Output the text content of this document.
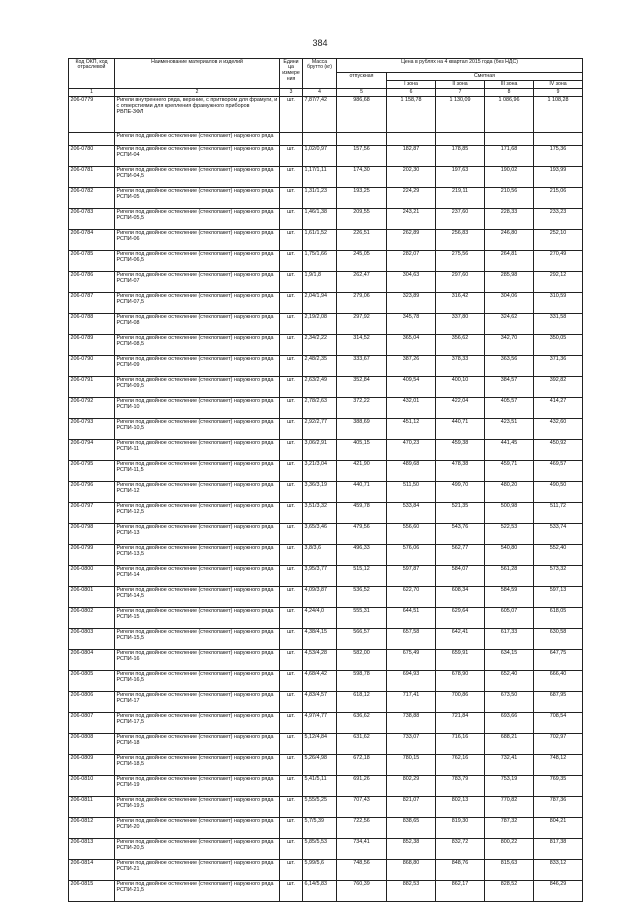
384
Код ОКП, код отраслевой	Наименование материалов и изделий	Едини ца измере ния	Масса брутто (кг)	Цена в рублях на 4 квартал 2015 года (без НДС)				
				отпускная	Сметная			
					I зона	II зона	III зона	IV зона
1	2	3	4	5	6	7	8	9
206-0779	Ригели внутреннего ряда, верхние, с притвором для фрамуги, и с отверстиями для крепления фрамужного приборов РВПЕ-3ФЛ	шт.	7,87/7,42	986,68	1 158,78	1 130,09	1 086,96	1 108,28
	Ригели под двойное остекление (стеклопакет) наружного ряда							
206-0780	Ригели под двойное остекление (стеклопакет) наружного ряда РСПИ-04	шт.	1,02/0,97	157,56	182,87	178,85	171,68	175,36
206-0781	Ригели под двойное остекление (стеклопакет) наружного ряда РСПИ-04,5	шт.	1,17/1,11	174,30	202,30	197,63	190,02	193,99
206-0782	Ригели под двойное остекление (стеклопакет) наружного ряда РСПИ-05	шт.	1,31/1,23	193,25	224,29	219,11	210,56	215,06
206-0783	Ригели под двойное остекление (стеклопакет) наружного ряда РСПИ-05,5	шт.	1,46/1,38	209,55	243,21	237,60	228,33	233,23
206-0784	Ригели под двойное остекление (стеклопакет) наружного ряда РСПИ-06	шт.	1,61/1,52	226,51	262,89	256,83	246,80	252,10
206-0785	Ригели под двойное остекление (стеклопакет) наружного ряда РСПИ-06,5	шт.	1,75/1,66	245,05	282,07	275,56	264,81	270,49
206-0786	Ригели под двойное остекление (стеклопакет) наружного ряда РСПИ-07	шт.	1,9/1,8	262,47	304,63	297,60	285,98	292,12
206-0787	Ригели под двойное остекление (стеклопакет) наружного ряда РСПИ-07,5	шт.	2,04/1,94	279,06	323,89	316,42	304,06	310,59
206-0788	Ригели под двойное остекление (стеклопакет) наружного ряда РСПИ-08	шт.	2,19/2,08	297,92	345,78	337,80	324,62	331,58
206-0789	Ригели под двойное остекление (стеклопакет) наружного ряда РСПИ-08,5	шт.	2,34/2,22	314,52	365,04	356,62	342,70	350,05
206-0790	Ригели под двойное остекление (стеклопакет) наружного ряда РСПИ-09	шт.	2,48/2,35	333,67	387,26	378,33	363,56	371,36
206-0791	Ригели под двойное остекление (стеклопакет) наружного ряда РСПИ-09,5	шт.	2,63/2,49	352,84	409,54	400,10	384,57	392,82
206-0792	Ригели под двойное остекление (стеклопакет) наружного ряда РСПИ-10	шт.	2,78/2,63	372,22	432,01	422,04	405,57	414,27
206-0793	Ригели под двойное остекление (стеклопакет) наружного ряда РСПИ-10,5	шт.	2,92/2,77	388,69	451,12	440,71	423,51	432,60
206-0794	Ригели под двойное остекление (стеклопакет) наружного ряда РСПИ-11	шт.	3,06/2,91	405,15	470,23	459,38	441,45	450,92
206-0795	Ригели под двойное остекление (стеклопакет) наружного ряда РСПИ-11,5	шт.	3,21/3,04	421,90	489,68	478,38	459,71	469,57
206-0796	Ригели под двойное остекление (стеклопакет) наружного ряда РСПИ-12	шт.	3,36/3,19	440,71	511,50	499,70	480,20	490,50
206-0797	Ригели под двойное остекление (стеклопакет) наружного ряда РСПИ-12,5	шт.	3,51/3,32	459,78	533,84	521,35	500,98	511,72
206-0798	Ригели под двойное остекление (стеклопакет) наружного ряда РСПИ-13	шт.	3,65/3,46	479,56	556,60	543,76	522,53	533,74
206-0799	Ригели под двойное остекление (стеклопакет) наружного ряда РСПИ-13,5	шт.	3,8/3,6	496,33	576,06	562,77	540,80	552,40
206-0800	Ригели под двойное остекление (стеклопакет) наружного ряда РСПИ-14	шт.	3,95/3,77	515,12	597,87	584,07	561,28	573,32
206-0801	Ригели под двойное остекление (стеклопакет) наружного ряда РСПИ-14,5	шт.	4,09/3,87	536,52	622,70	608,34	584,59	597,13
206-0802	Ригели под двойное остекление (стеклопакет) наружного ряда РСПИ-15	шт.	4,24/4,0	555,31	644,51	629,64	605,07	618,05
206-0803	Ригели под двойное остекление (стеклопакет) наружного ряда РСПИ-15,5	шт.	4,38/4,15	566,57	657,58	642,41	617,33	630,58
206-0804	Ригели под двойное остекление (стеклопакет) наружного ряда РСПИ-16	шт.	4,53/4,28	582,00	675,49	659,91	634,15	647,75
206-0805	Ригели под двойное остекление (стеклопакет) наружного ряда РСПИ-16,5	шт.	4,68/4,42	598,78	694,93	678,90	652,40	666,40
206-0806	Ригели под двойное остекление (стеклопакет) наружного ряда РСПИ-17	шт.	4,83/4,57	618,12	717,41	700,86	673,50	687,95
206-0807	Ригели под двойное остекление (стеклопакет) наружного ряда РСПИ-17,5	шт.	4,97/4,77	636,62	738,88	721,84	693,66	708,54
206-0808	Ригели под двойное остекление (стеклопакет) наружного ряда РСПИ-18	шт.	5,12/4,84	631,62	733,07	716,16	688,21	702,97
206-0809	Ригели под двойное остекление (стеклопакет) наружного ряда РСПИ-18,5	шт.	5,26/4,98	672,18	780,15	762,16	732,41	748,12
206-0810	Ригели под двойное остекление (стеклопакет) наружного ряда РСПИ-19	шт.	5,41/5,11	691,26	802,29	783,79	753,19	769,35
206-0811	Ригели под двойное остекление (стеклопакет) наружного ряда РСПИ-19,5	шт.	5,55/5,25	707,43	821,07	802,13	770,82	787,36
206-0812	Ригели под двойное остекление (стеклопакет) наружного ряда РСПИ-20	шт.	5,7/5,39	722,56	838,65	819,30	787,32	804,21
206-0813	Ригели под двойное остекление (стеклопакет) наружного ряда РСПИ-20,5	шт.	5,85/5,53	734,41	852,38	832,72	800,22	817,38
206-0814	Ригели под двойное остекление (стеклопакет) наружного ряда РСПИ-21	шт.	5,99/5,6	748,56	868,80	848,76	815,63	833,12
206-0815	Ригели под двойное остекление (стеклопакет) наружного ряда РСПИ-21,5	шт.	6,14/5,83	760,39	882,53	862,17	828,52	846,29
